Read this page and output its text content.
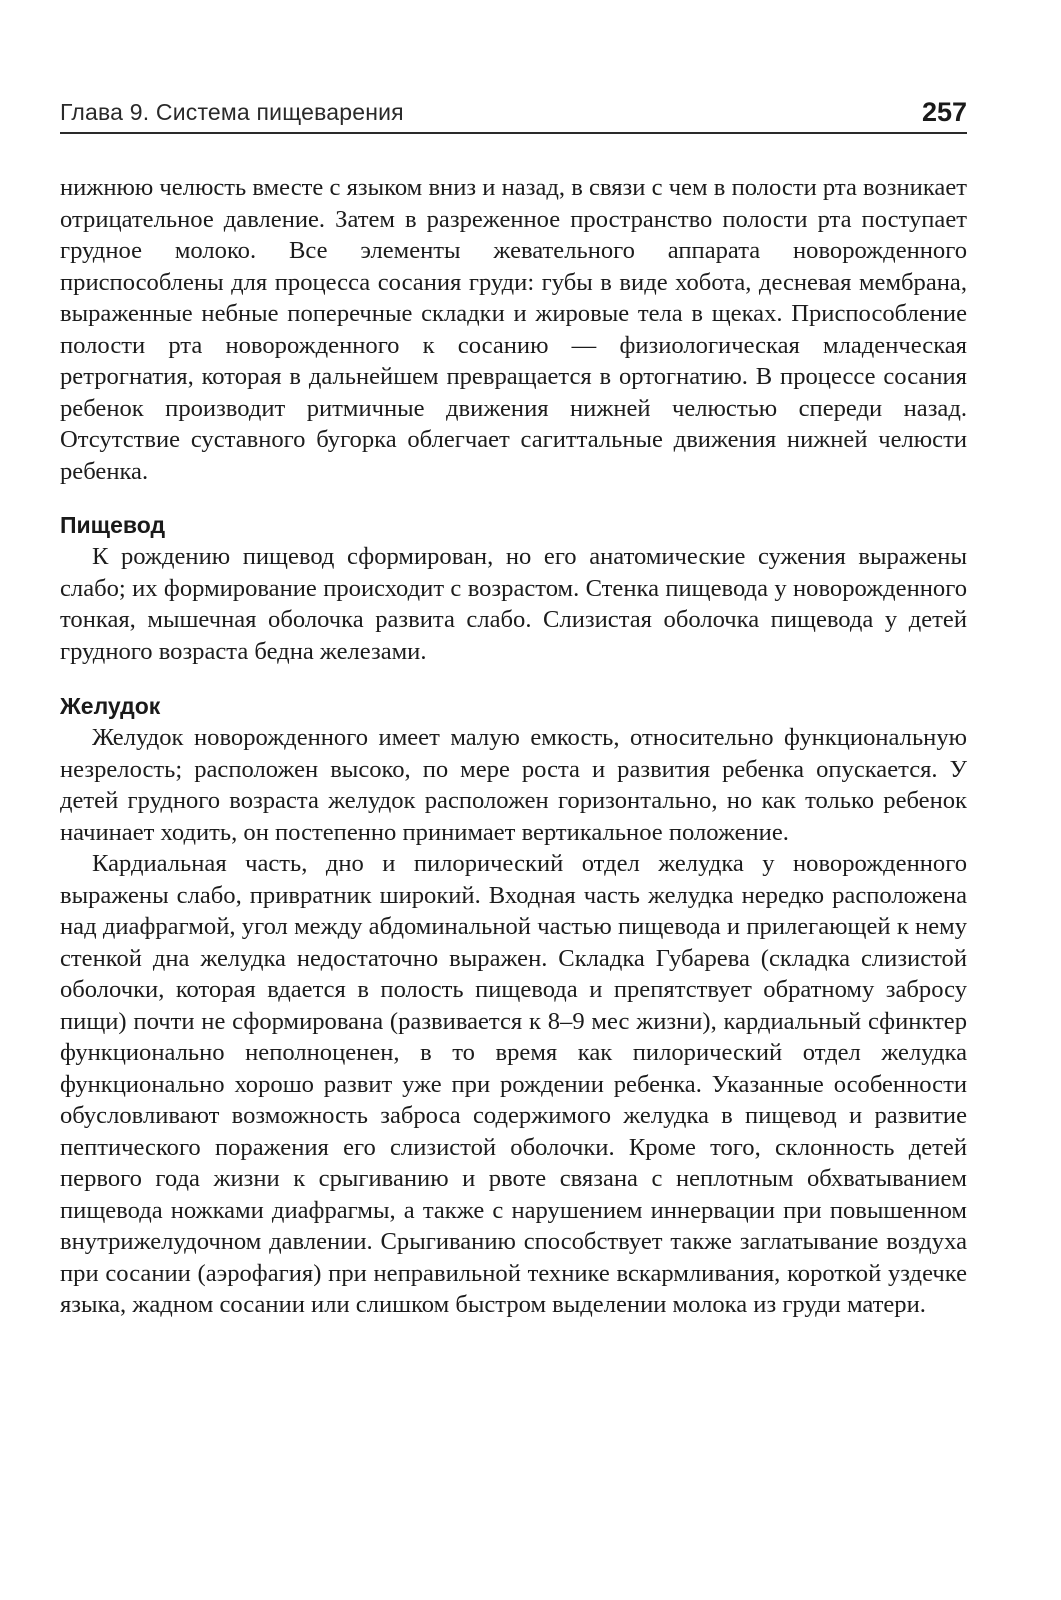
Глава 9. Система пищеварения	257

нижнюю челюсть вместе с языком вниз и назад, в связи с чем в полости рта возникает отрицательное давление. Затем в разреженное пространство полости рта поступает грудное молоко. Все элементы жевательного аппарата новорожденного приспособлены для процесса сосания груди: губы в виде хобота, десневая мембрана, выраженные небные поперечные складки и жировые тела в щеках. Приспособление полости рта новорожденного к сосанию — физиологическая младенческая ретрогнатия, которая в дальнейшем превращается в ортогнатию. В процессе сосания ребенок производит ритмичные движения нижней челюстью спереди назад. Отсутствие суставного бугорка облегчает сагиттальные движения нижней челюсти ребенка.

Пищевод

К рождению пищевод сформирован, но его анатомические сужения выражены слабо; их формирование происходит с возрастом. Стенка пищевода у новорожденного тонкая, мышечная оболочка развита слабо. Слизистая оболочка пищевода у детей грудного возраста бедна железами.

Желудок

Желудок новорожденного имеет малую емкость, относительно функциональную незрелость; расположен высоко, по мере роста и развития ребенка опускается. У детей грудного возраста желудок расположен горизонтально, но как только ребенок начинает ходить, он постепенно принимает вертикальное положение.

Кардиальная часть, дно и пилорический отдел желудка у новорожденного выражены слабо, привратник широкий. Входная часть желудка нередко расположена над диафрагмой, угол между абдоминальной частью пищевода и прилегающей к нему стенкой дна желудка недостаточно выражен. Складка Губарева (складка слизистой оболочки, которая вдается в полость пищевода и препятствует обратному забросу пищи) почти не сформирована (развивается к 8–9 мес жизни), кардиальный сфинктер функционально неполноценен, в то время как пилорический отдел желудка функционально хорошо развит уже при рождении ребенка. Указанные особенности обусловливают возможность заброса содержимого желудка в пищевод и развитие пептического поражения его слизистой оболочки. Кроме того, склонность детей первого года жизни к срыгиванию и рвоте связана с неплотным обхватыванием пищевода ножками диафрагмы, а также с нарушением иннервации при повышенном внутрижелудочном давлении. Срыгиванию способствует также заглатывание воздуха при сосании (аэрофагия) при неправильной технике вскармливания, короткой уздечке языка, жадном сосании или слишком быстром выделении молока из груди матери.
